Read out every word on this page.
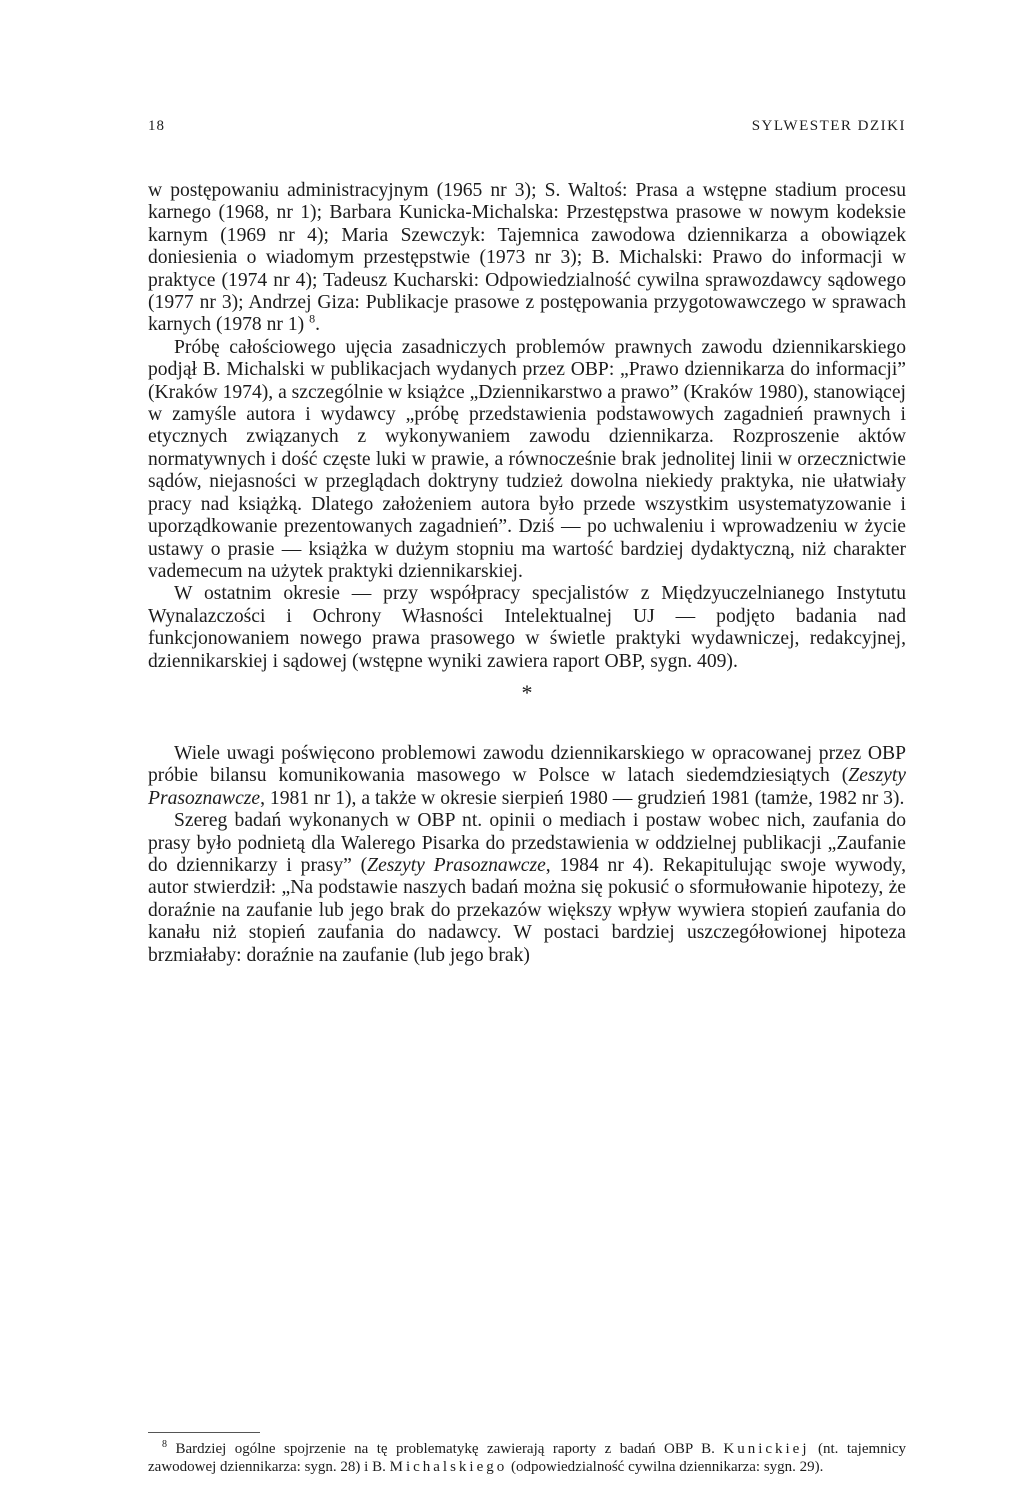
18	SYLWESTER DZIKI

w postępowaniu administracyjnym (1965 nr 3); S. Waltoś: Prasa a wstępne stadium procesu karnego (1968, nr 1); Barbara Kunicka-Michalska: Przestępstwa prasowe w nowym kodeksie karnym (1969 nr 4); Maria Szewczyk: Tajemnica zawodowa dziennikarza a obowiązek doniesienia o wiadomym przestępstwie (1973 nr 3); B. Michalski: Prawo do informacji w praktyce (1974 nr 4); Tadeusz Kucharski: Odpowiedzialność cywilna sprawozdawcy sądowego (1977 nr 3); Andrzej Giza: Publikacje prasowe z postępowania przygotowawczego w sprawach karnych (1978 nr 1) $^8$.

Próbę całościowego ujęcia zasadniczych problemów prawnych zawodu dziennikarskiego podjął B. Michalski w publikacjach wydanych przez OBP: „Prawo dziennikarza do informacji” (Kraków 1974), a szczególnie w książce „Dziennikarstwo a prawo” (Kraków 1980), stanowiącej w zamyśle autora i wydawcy „próbę przedstawienia podstawowych zagadnień prawnych i etycznych związanych z wykonywaniem zawodu dziennikarza. Rozproszenie aktów normatywnych i dość częste luki w prawie, a równocześnie brak jednolitej linii w orzecznictwie sądów, niejasności w przeglądach doktryny tudzież dowolna niekiedy praktyka, nie ułatwiały pracy nad książką. Dlatego założeniem autora było przede wszystkim usystematyzowanie i uporządkowanie prezentowanych zagadnień”. Dziś — po uchwaleniu i wprowadzeniu w życie ustawy o prasie — książka w dużym stopniu ma wartość bardziej dydaktyczną, niż charakter vademecum na użytek praktyki dziennikarskiej.

W ostatnim okresie — przy współpracy specjalistów z Międzyuczelnianego Instytutu Wynalazczości i Ochrony Własności Intelektualnej UJ — podjęto badania nad funkcjonowaniem nowego prawa prasowego w świetle praktyki wydawniczej, redakcyjnej, dziennikarskiej i sądowej (wstępne wyniki zawiera raport OBP, sygn. 409).

*

Wiele uwagi poświęcono problemowi zawodu dziennikarskiego w opracowanej przez OBP próbie bilansu komunikowania masowego w Polsce w latach siedemdziesiątych (Zeszyty Prasoznawcze, 1981 nr 1), a także w okresie sierpień 1980 — grudzień 1981 (tamże, 1982 nr 3).

Szereg badań wykonanych w OBP nt. opinii o mediach i postaw wobec nich, zaufania do prasy było podnietą dla Walerego Pisarka do przedstawienia w oddzielnej publikacji „Zaufanie do dziennikarzy i prasy” (Zeszyty Prasoznawcze, 1984 nr 4). Rekapitulując swoje wywody, autor stwierdził: „Na podstawie naszych badań można się pokusić o sformułowanie hipotezy, że doraźnie na zaufanie lub jego brak do przekazów większy wpływ wywiera stopień zaufania do kanału niż stopień zaufania do nadawcy. W postaci bardziej uszczegółowionej hipoteza brzmiałaby: doraźnie na zaufanie (lub jego brak)

$^8$ Bardziej ogólne spojrzenie na tę problematykę zawierają raporty z badań OBP B. Kunickiej (nt. tajemnicy zawodowej dziennikarza: sygn. 28) i B. Michalskiego (odpowiedzialność cywilna dziennikarza: sygn. 29).
